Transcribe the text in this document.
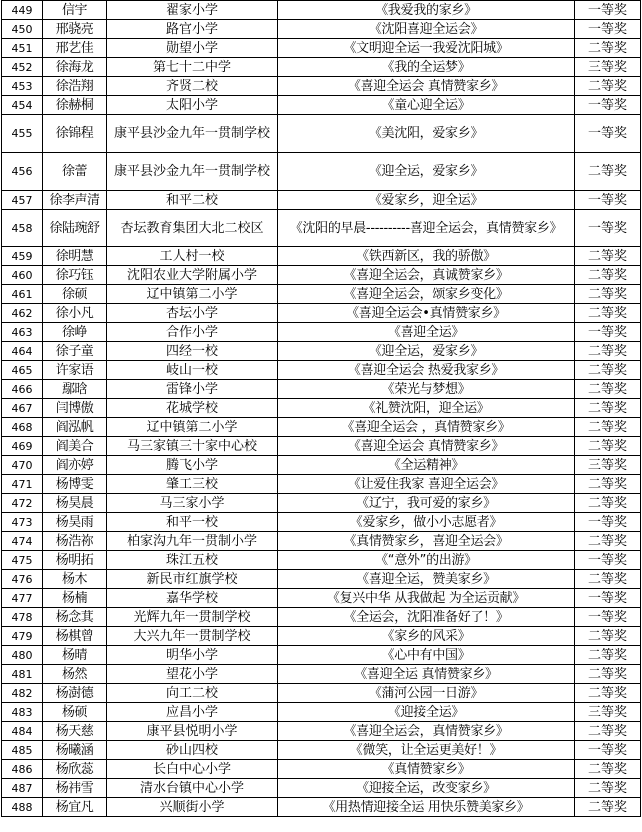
449	信宇	翟家小学	《我爱我的家乡》	一等奖
450	邢骁亮	路官小学	《沈阳喜迎全运会》	一等奖
451	邢艺佳	勋望小学	《文明迎全运一我爱沈阳城》	二等奖
452	徐海龙	第七十二中学	《我的全运梦》	三等奖
453	徐浩翔	齐贤二校	《喜迎全运会 真情赞家乡》	二等奖
454	徐赫桐	太阳小学	《童心迎全运》	一等奖
455	徐锦程	康平县沙金九年一贯制学校	《美沈阳，爱家乡》	一等奖
456	徐蕾	康平县沙金九年一贯制学校	《迎全运，爱家乡》	二等奖
457	徐李声清	和平二校	《爱家乡，迎全运》	一等奖
458	徐陆琬舒	杏坛教育集团大北二校区	《沈阳的早晨----------喜迎全运会，真情赞家乡》	一等奖
459	徐明慧	工人村一校	《铁西新区，我的骄傲》	二等奖
460	徐巧钰	沈阳农业大学附属小学	《喜迎全运会，真诚赞家乡》	二等奖
461	徐硕	辽中镇第二小学	《喜迎全运会，颂家乡变化》	二等奖
462	徐小凡	杏坛小学	《喜迎全运会•真情赞家乡》	二等奖
463	徐峥	合作小学	《喜迎全运》	一等奖
464	徐子童	四经一校	《迎全运，爱家乡》	二等奖
465	许家语	岐山一校	《喜迎全运会 热爱我家乡》	二等奖
466	鄢晗	雷锋小学	《荣光与梦想》	二等奖
467	闫博傲	花城学校	《礼赞沈阳，迎全运》	二等奖
468	阎泓帆	辽中镇第二小学	《喜迎全运会 ，真情赞家乡》	二等奖
469	阎美合	马三家镇三十家中心校	《喜迎全运会 真情赞家乡》	二等奖
470	阎亦婷	腾飞小学	《全运精神》	三等奖
471	杨博雯	肇工三校	《让爱住我家 喜迎全运会》	二等奖
472	杨昊晨	马三家小学	《辽宁，我可爱的家乡》	二等奖
473	杨昊雨	和平一校	《爱家乡，做小小志愿者》	一等奖
474	杨浩祢	柏家沟九年一贯制小学	《真情赞家乡，喜迎全运会》	二等奖
475	杨明拓	珠江五校	《“意外”的出游》	一等奖
476	杨木	新民市红旗学校	《喜迎全运，赞美家乡》	二等奖
477	杨楠	嘉华学校	《复兴中华 从我做起 为全运贡献》	一等奖
478	杨念萁	光辉九年一贯制学校	《全运会，沈阳准备好了！》	一等奖
479	杨棋曾	大兴九年一贯制学校	《家乡的风采》	二等奖
480	杨晴	明华小学	《心中有中国》	二等奖
481	杨然	望花小学	《喜迎全运 真情赞家乡》	二等奖
482	杨澍德	向工二校	《蒲河公园一日游》	二等奖
483	杨硕	应昌小学	《迎接全运》	三等奖
484	杨天慈	康平县悦明小学	《喜迎全运会，真情赞家乡》	二等奖
485	杨曦涵	砂山四校	《微笑，让全运更美好！》	一等奖
486	杨欣蕊	长白中心小学	《真情赞家乡》	二等奖
487	杨祎雪	清水台镇中心小学	《迎接全运，改变家乡》	二等奖
488	杨宜凡	兴顺街小学	《用热情迎接全运 用快乐赞美家乡》	二等奖
